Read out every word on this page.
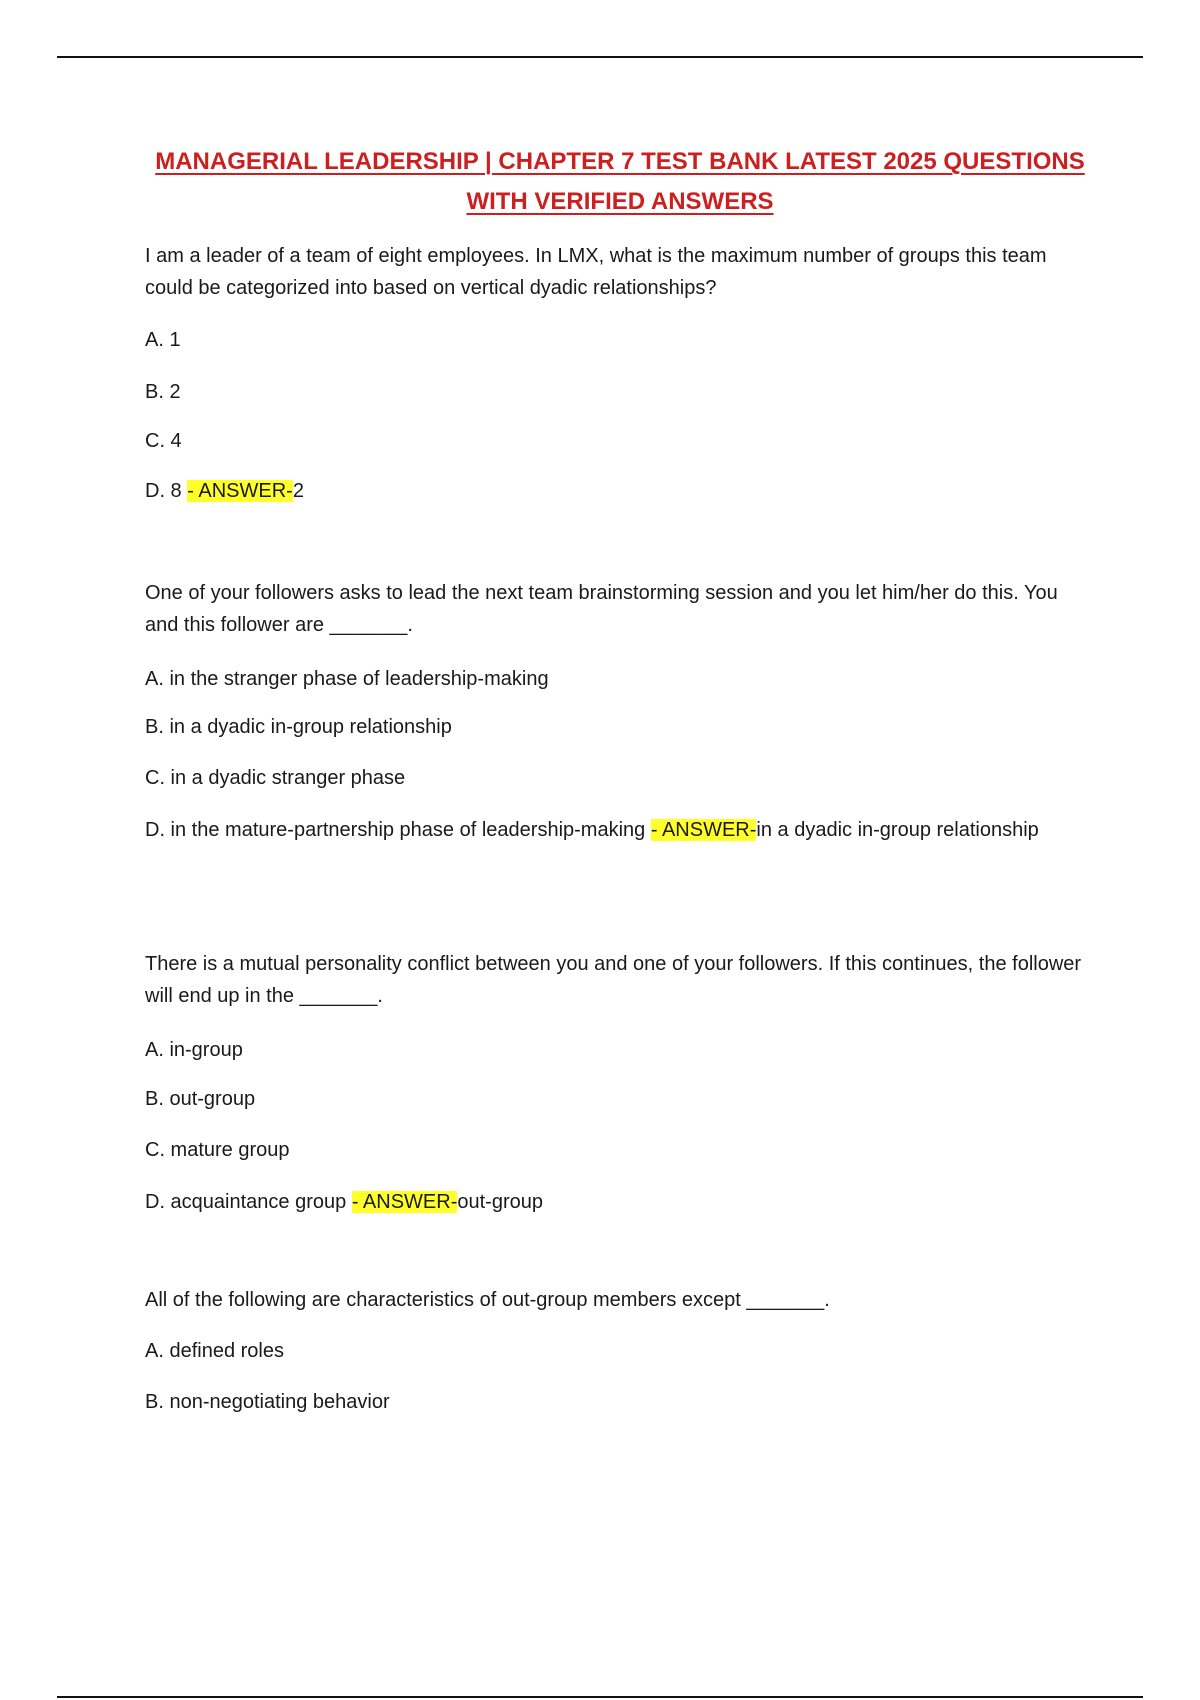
MANAGERIAL LEADERSHIP | CHAPTER 7 TEST BANK LATEST 2025 QUESTIONS
WITH VERIFIED ANSWERS

I am a leader of a team of eight employees. In LMX, what is the maximum number of groups this team could be categorized into based on vertical dyadic relationships?

A. 1

B. 2

C. 4

D. 8 - ANSWER-2

One of your followers asks to lead the next team brainstorming session and you let him/her do this. You and this follower are _______.

A. in the stranger phase of leadership-making

B. in a dyadic in-group relationship

C. in a dyadic stranger phase

D. in the mature-partnership phase of leadership-making - ANSWER-in a dyadic in-group relationship

There is a mutual personality conflict between you and one of your followers. If this continues, the follower will end up in the _______.

A. in-group

B. out-group

C. mature group

D. acquaintance group - ANSWER-out-group

All of the following are characteristics of out-group members except _______.

A. defined roles

B. non-negotiating behavior
